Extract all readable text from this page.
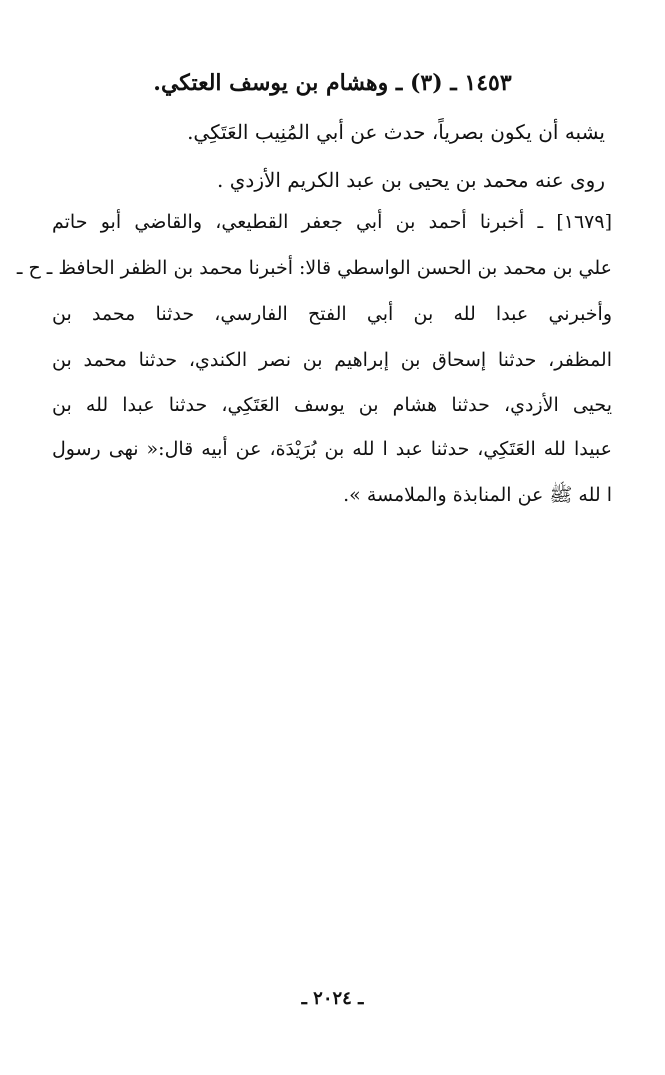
١٤٥٣ ـ (٣) ـ وهشام بن يوسف العتكي.
يشبه أن يكون بصرياً، حدث عن أبي المُنِيب العَتَكِي.
روى عنه محمد بن يحيى بن عبد الكريم الأزدي .
[١٦٧٩] ـ أخبرنا أحمد بن أبي جعفر القطيعي، والقاضي أبو حاتم
علي بن محمد بن الحسن الواسطي قالا: أخبرنا محمد بن الظفر الحافظ ـ ح ـ
وأخبرني عبدا لله بن أبي الفتح الفارسي، حدثنا محمد بن
المظفر، حدثنا إسحاق بن إبراهيم بن نصر الكندي، حدثنا محمد بن
يحيى الأزدي، حدثنا هشام بن يوسف العَتَكِي، حدثنا عبدا لله بن
عبيدا لله العَتَكِي، حدثنا عبد ا لله بن بُرَيْدَة، عن أبيه قال:« نهى رسول
ا لله ﷺ عن المنابذة والملامسة ».
ـ ٢٠٢٤ ـ
